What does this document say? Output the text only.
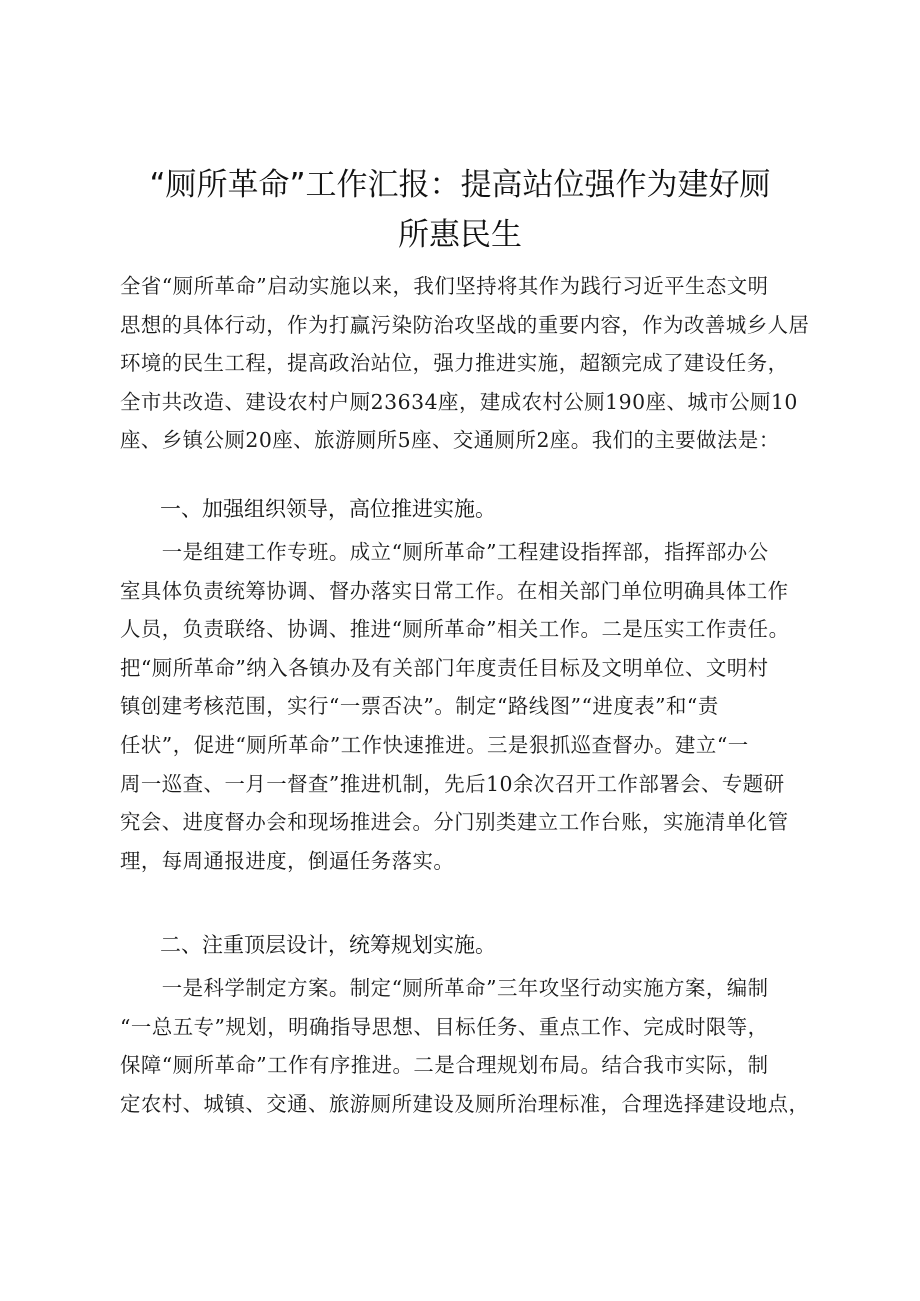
“厕所革命”工作汇报：提高站位强作为建好厕
所惠民生
全省“厕所革命”启动实施以来，我们坚持将其作为践行习近平生态文明
思想的具体行动，作为打赢污染防治攻坚战的重要内容，作为改善城乡人居
环境的民生工程，提高政治站位，强力推进实施，超额完成了建设任务，
全市共改造、建设农村户厕23634座，建成农村公厕190座、城市公厕10
座、乡镇公厕20座、旅游厕所5座、交通厕所2座。我们的主要做法是：
一、加强组织领导，高位推进实施。
　　一是组建工作专班。成立“厕所革命”工程建设指挥部，指挥部办公
室具体负责统筹协调、督办落实日常工作。在相关部门单位明确具体工作
人员，负责联络、协调、推进“厕所革命”相关工作。二是压实工作责任。
把“厕所革命”纳入各镇办及有关部门年度责任目标及文明单位、文明村
镇创建考核范围，实行“一票否决”。制定“路线图”“进度表”和“责
任状”，促进“厕所革命”工作快速推进。三是狠抓巡查督办。建立“一
周一巡查、一月一督查”推进机制，先后10余次召开工作部署会、专题研
究会、进度督办会和现场推进会。分门别类建立工作台账，实施清单化管
理，每周通报进度，倒逼任务落实。
二、注重顶层设计，统筹规划实施。
　　一是科学制定方案。制定“厕所革命”三年攻坚行动实施方案，编制
“一总五专”规划，明确指导思想、目标任务、重点工作、完成时限等，
保障“厕所革命”工作有序推进。二是合理规划布局。结合我市实际，制
定农村、城镇、交通、旅游厕所建设及厕所治理标准，合理选择建设地点，
